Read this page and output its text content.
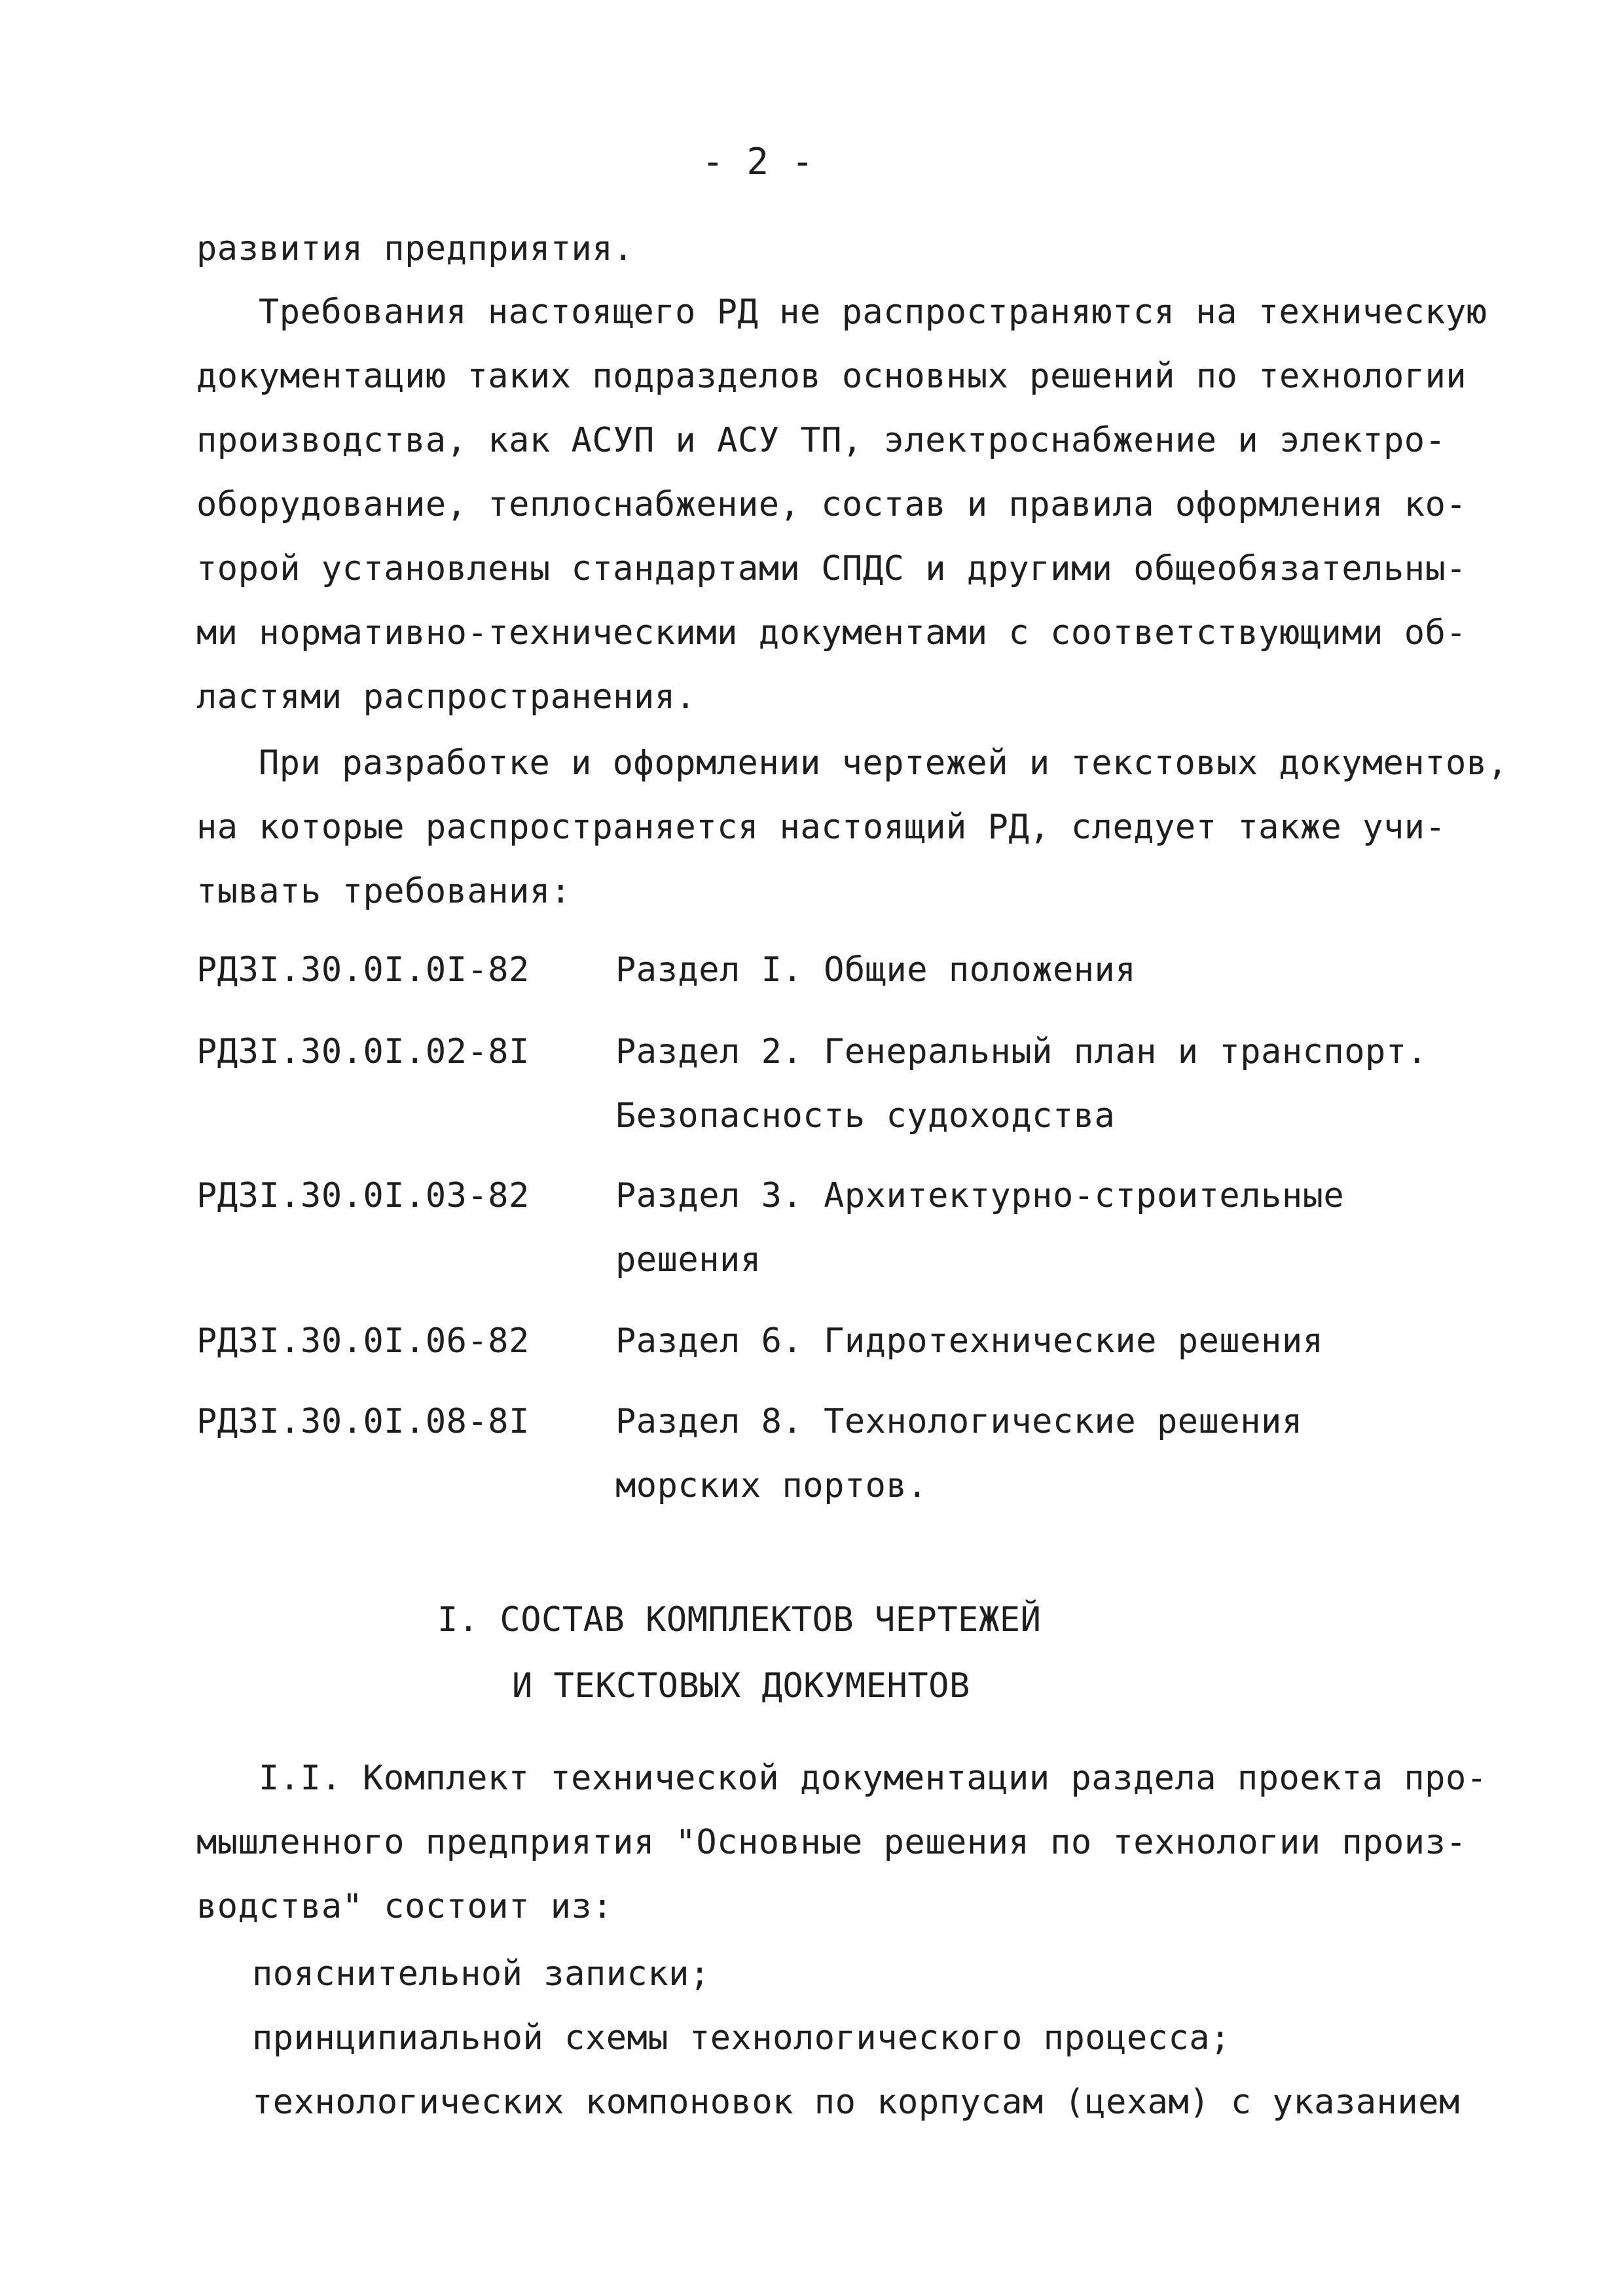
- 2 -
развития предприятия.
Требования настоящего РД не распространяются на техническую
документацию таких подразделов основных решений по технологии
производства, как АСУП и АСУ ТП, электроснабжение и электро-
оборудование, теплоснабжение, состав и правила оформления ко-
торой установлены стандартами СПДС и другими общеобязательны-
ми нормативно-техническими документами с соответствующими об-
ластями распространения.
При разработке и оформлении чертежей и текстовых документов,
на которые распространяется настоящий РД, следует также учи-
тывать требования:
РДЗI.30.0I.0I-82	Раздел I. Общие положения
РДЗI.30.0I.02-8I	Раздел 2. Генеральный план и транспорт.
Безопасность судоходства
РДЗI.30.0I.03-82	Раздел 3. Архитектурно-строительные
решения
РДЗI.30.0I.06-82	Раздел 6. Гидротехнические решения
РДЗI.30.0I.08-8I	Раздел 8. Технологические решения
морских портов.
I. СОСТАВ КОМПЛЕКТОВ ЧЕРТЕЖЕЙ
И ТЕКСТОВЫХ ДОКУМЕНТОВ
I.I. Комплект технической документации раздела проекта про-
мышленного предприятия "Основные решения по технологии произ-
водства" состоит из:
пояснительной записки;
принципиальной схемы технологического процесса;
технологических компоновок по корпусам (цехам) с указанием
